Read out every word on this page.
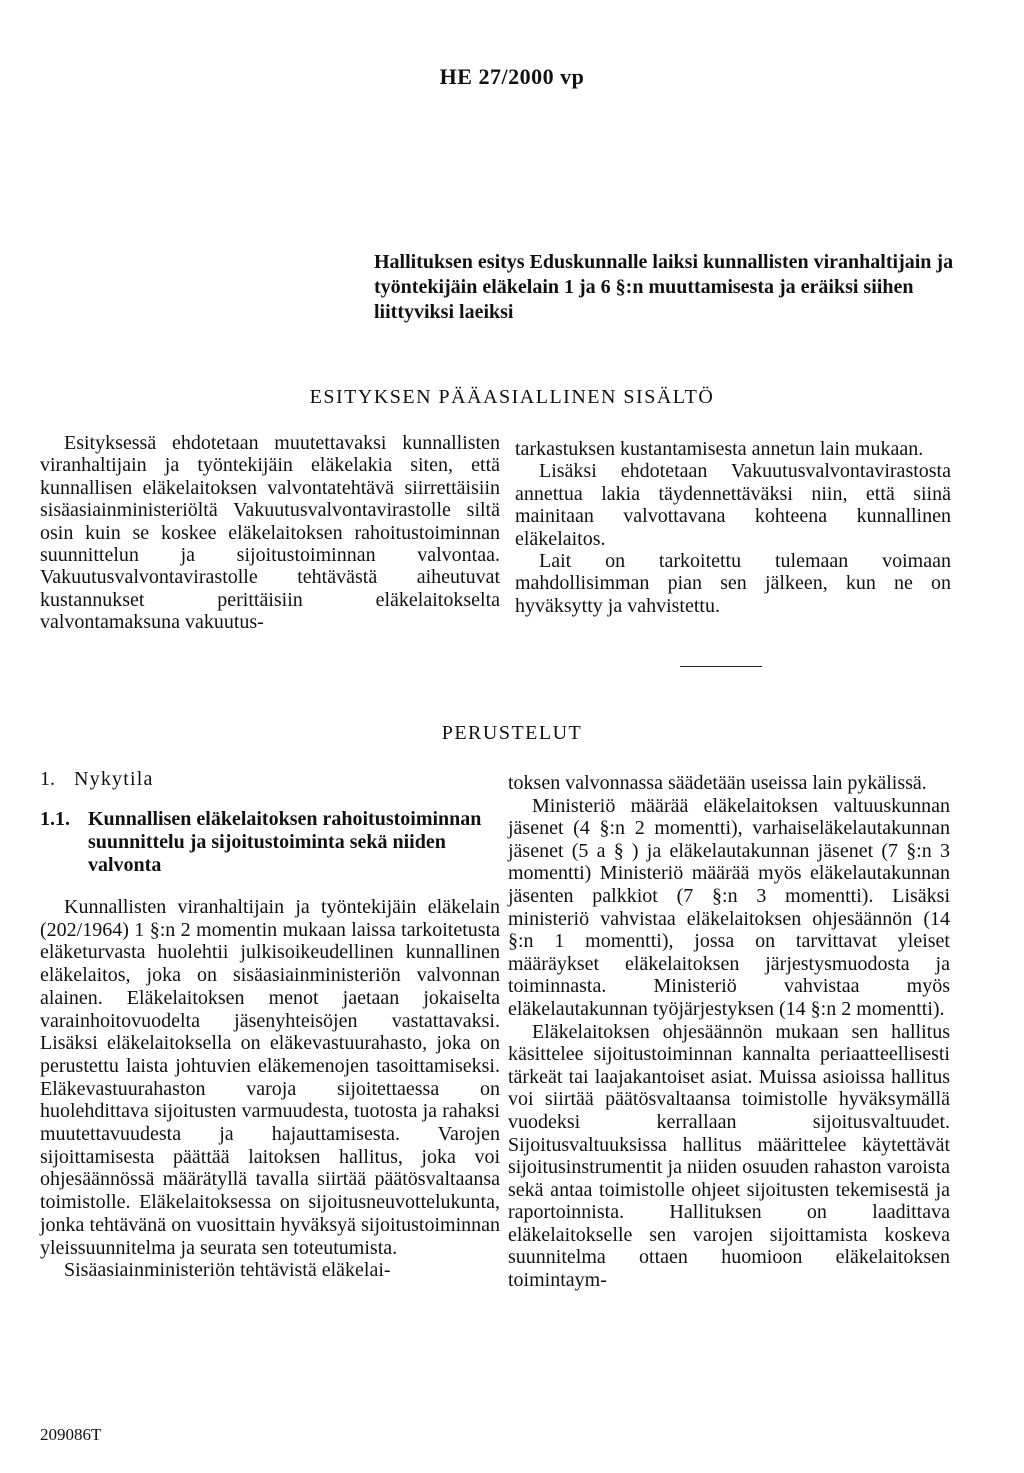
HE 27/2000 vp
Hallituksen esitys Eduskunnalle laiksi kunnallisten viranhaltijain ja työntekijäin eläkelain 1 ja 6 §:n muuttamisesta ja eräiksi siihen liittyviksi laeiksi
ESITYKSEN PÄÄASIALLINEN SISÄLTÖ

Esityksessä ehdotetaan muutettavaksi kunnallisten viranhaltijain ja työntekijäin eläkelakia siten, että kunnallisen eläkelaitoksen valvontatehtävä siirrettäisiin sisäasiainministeriöltä Vakuutusvalvontavirastolle siltä osin kuin se koskee eläkelaitoksen rahoitustoiminnan suunnittelun ja sijoitustoiminnan valvontaa. Vakuutusvalvontavirastolle tehtävästä aiheutuvat kustannukset perittäisiin eläkelaitokselta valvontamaksuna vakuutus-

tarkastuksen kustantamisesta annetun lain mukaan.

Lisäksi ehdotetaan Vakuutusvalvontavirastosta annettua lakia täydennettäväksi niin, että siinä mainitaan valvottavana kohteena kunnallinen eläkelaitos.

Lait on tarkoitettu tulemaan voimaan mahdollisimman pian sen jälkeen, kun ne on hyväksytty ja vahvistettu.

PERUSTELUT
1. Nykytila
1.1. Kunnallisen eläkelaitoksen rahoitustoiminnan suunnittelu ja sijoitustoiminta sekä niiden valvonta

Kunnallisten viranhaltijain ja työntekijäin eläkelain (202/1964) 1 §:n 2 momentin mukaan laissa tarkoitetusta eläketurvasta huolehtii julkisoikeudellinen kunnallinen eläkelaitos, joka on sisäasiainministeriön valvonnan alainen. Eläkelaitoksen menot jaetaan jokaiselta varainhoitovuodelta jäsenyhteisöjen vastattavaksi. Lisäksi eläkelaitoksella on eläkevastuurahasto, joka on perustettu laista johtuvien eläkemenojen tasoittamiseksi. Eläkevastuurahaston varoja sijoitettaessa on huolehdittava sijoitusten varmuudesta, tuotosta ja rahaksi muutettavuudesta ja hajauttamisesta. Varojen sijoittamisesta päättää laitoksen hallitus, joka voi ohjesäännössä määrätyllä tavalla siirtää päätösvaltaansa toimistolle. Eläkelaitoksessa on sijoitusneuvottelukunta, jonka tehtävänä on vuosittain hyväksyä sijoitustoiminnan yleissuunnitelma ja seurata sen toteutumista.

Sisäasiainministeriön tehtävistä eläkelai-

toksen valvonnassa säädetään useissa lain pykälissä.

Ministeriö määrää eläkelaitoksen valtuuskunnan jäsenet (4 §:n 2 momentti), varhaiseläkelautakunnan jäsenet (5 a § ) ja eläkelautakunnan jäsenet (7 §:n 3 momentti) Ministeriö määrää myös eläkelautakunnan jäsenten palkkiot (7 §:n 3 momentti). Lisäksi ministeriö vahvistaa eläkelaitoksen ohjesäännön (14 §:n 1 momentti), jossa on tarvittavat yleiset määräykset eläkelaitoksen järjestysmuodosta ja toiminnasta. Ministeriö vahvistaa myös eläkelautakunnan työjärjestyksen (14 §:n 2 momentti).

Eläkelaitoksen ohjesäännön mukaan sen hallitus käsittelee sijoitustoiminnan kannalta periaatteellisesti tärkeät tai laajakantoiset asiat. Muissa asioissa hallitus voi siirtää päätösvaltaansa toimistolle hyväksymällä vuodeksi kerrallaan sijoitusvaltuudet. Sijoitusvaltuuksissa hallitus määrittelee käytettävät sijoitusinstrumentit ja niiden osuuden rahaston varoista sekä antaa toimistolle ohjeet sijoitusten tekemisestä ja raportoinnista. Hallituksen on laadittava eläkelaitokselle sen varojen sijoittamista koskeva suunnitelma ottaen huomioon eläkelaitoksen toimintaym-

209086T
